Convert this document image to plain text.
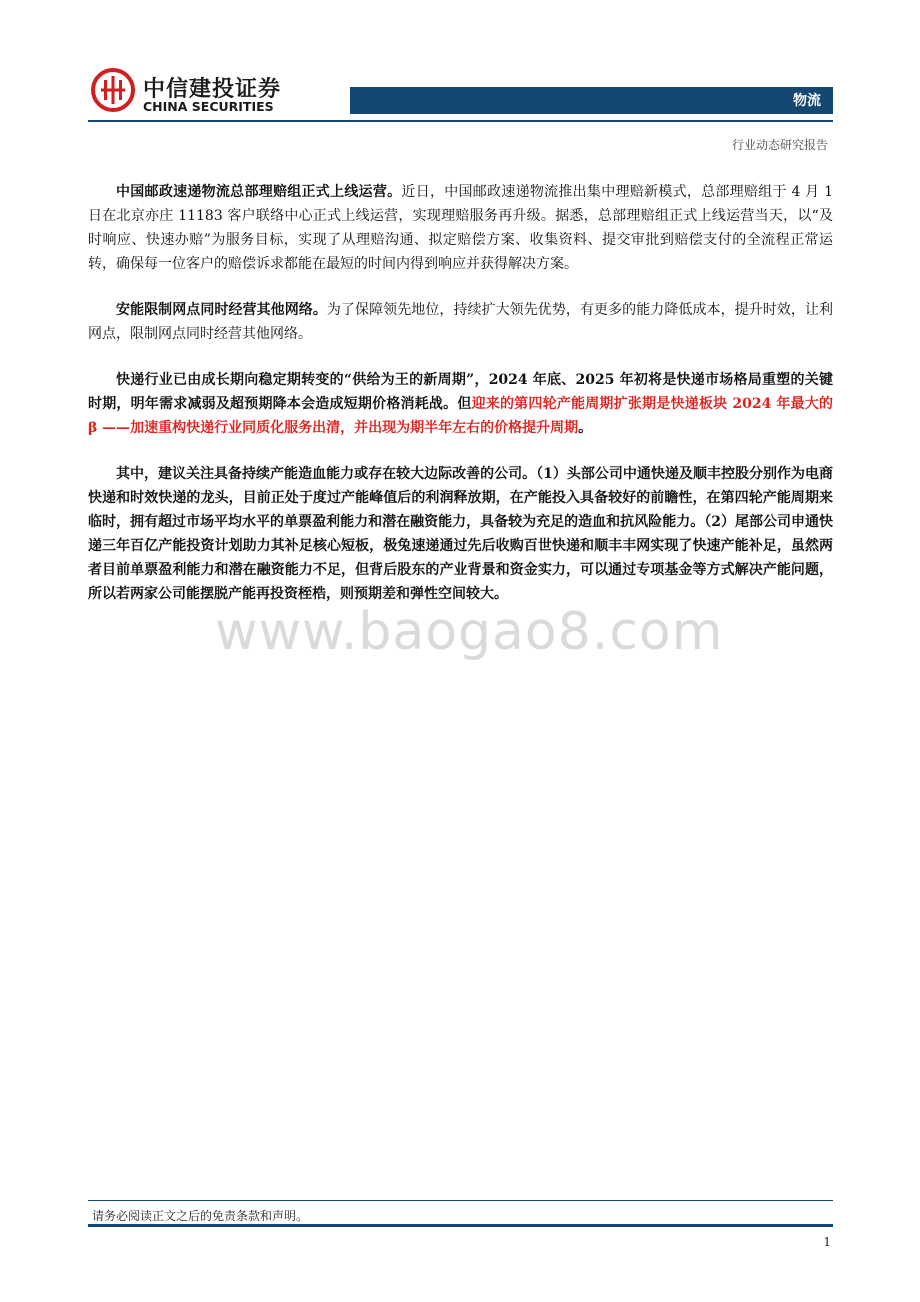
中信建投证券
CHINA SECURITIES	物流
行业动态研究报告

中国邮政速递物流总部理赔组正式上线运营。近日，中国邮政速递物流推出集中理赔新模式，总部理赔组于 4 月 1 日在北京亦庄 11183 客户联络中心正式上线运营，实现理赔服务再升级。据悉，总部理赔组正式上线运营当天，以“及时响应、快速办赔”为服务目标，实现了从理赔沟通、拟定赔偿方案、收集资料、提交审批到赔偿支付的全流程正常运转，确保每一位客户的赔偿诉求都能在最短的时间内得到响应并获得解决方案。

安能限制网点同时经营其他网络。为了保障领先地位，持续扩大领先优势，有更多的能力降低成本，提升时效，让利网点，限制网点同时经营其他网络。

快递行业已由成长期向稳定期转变的“供给为王的新周期”，2024 年底、2025 年初将是快递市场格局重塑的关键时期，明年需求减弱及超预期降本会造成短期价格消耗战。但迎来的第四轮产能周期扩张期是快递板块 2024 年最大的 β ——加速重构快递行业同质化服务出清，并出现为期半年左右的价格提升周期。

其中，建议关注具备持续产能造血能力或存在较大边际改善的公司。（1）头部公司中通快递及顺丰控股分别作为电商快递和时效快递的龙头，目前正处于度过产能峰值后的利润释放期，在产能投入具备较好的前瞻性，在第四轮产能周期来临时，拥有超过市场平均水平的单票盈利能力和潜在融资能力，具备较为充足的造血和抗风险能力。（2）尾部公司申通快递三年百亿产能投资计划助力其补足核心短板，极兔速递通过先后收购百世快递和顺丰丰网实现了快速产能补足，虽然两者目前单票盈利能力和潜在融资能力不足，但背后股东的产业背景和资金实力，可以通过专项基金等方式解决产能问题，所以若两家公司能摆脱产能再投资桎梏，则预期差和弹性空间较大。

www.baogao8.com
请务必阅读正文之后的免责条款和声明。
1
